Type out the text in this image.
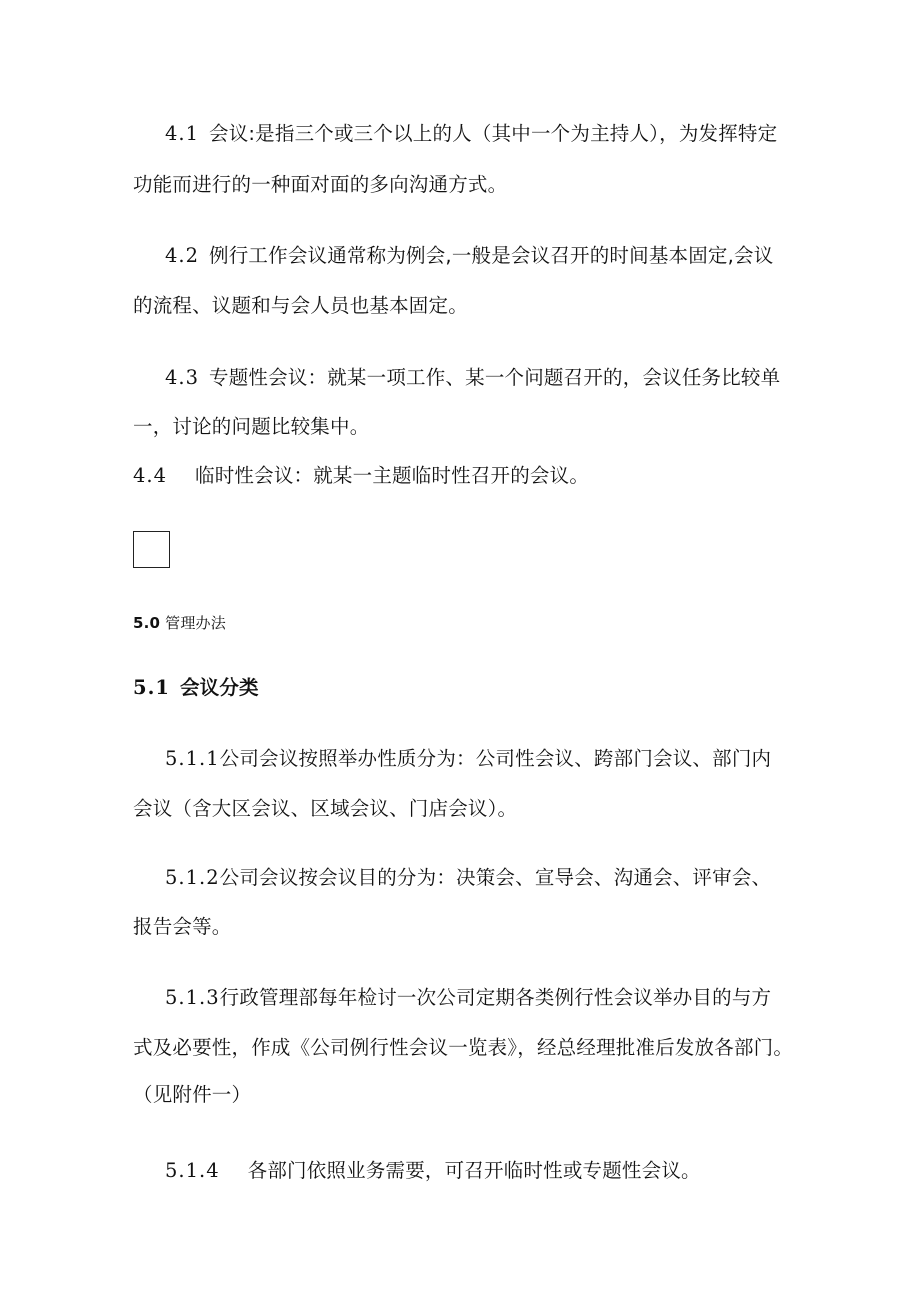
4.1 会议:是指三个或三个以上的人（其中一个为主持人），为发挥特定

功能而进行的一种面对面的多向沟通方式。

4.2 例行工作会议通常称为例会,一般是会议召开的时间基本固定,会议

的流程、议题和与会人员也基本固定。

4.3 专题性会议：就某一项工作、某一个问题召开的，会议任务比较单

一，讨论的问题比较集中。

4.4 临时性会议：就某一主题临时性召开的会议。

5.0 管理办法

5.1 会议分类

5.1.1公司会议按照举办性质分为：公司性会议、跨部门会议、部门内

会议（含大区会议、区域会议、门店会议）。

5.1.2公司会议按会议目的分为：决策会、宣导会、沟通会、评审会、

报告会等。

5.1.3行政管理部每年检讨一次公司定期各类例行性会议举办目的与方

式及必要性，作成《公司例行性会议一览表》，经总经理批准后发放各部门。

（见附件一）

5.1.4 各部门依照业务需要，可召开临时性或专题性会议。
